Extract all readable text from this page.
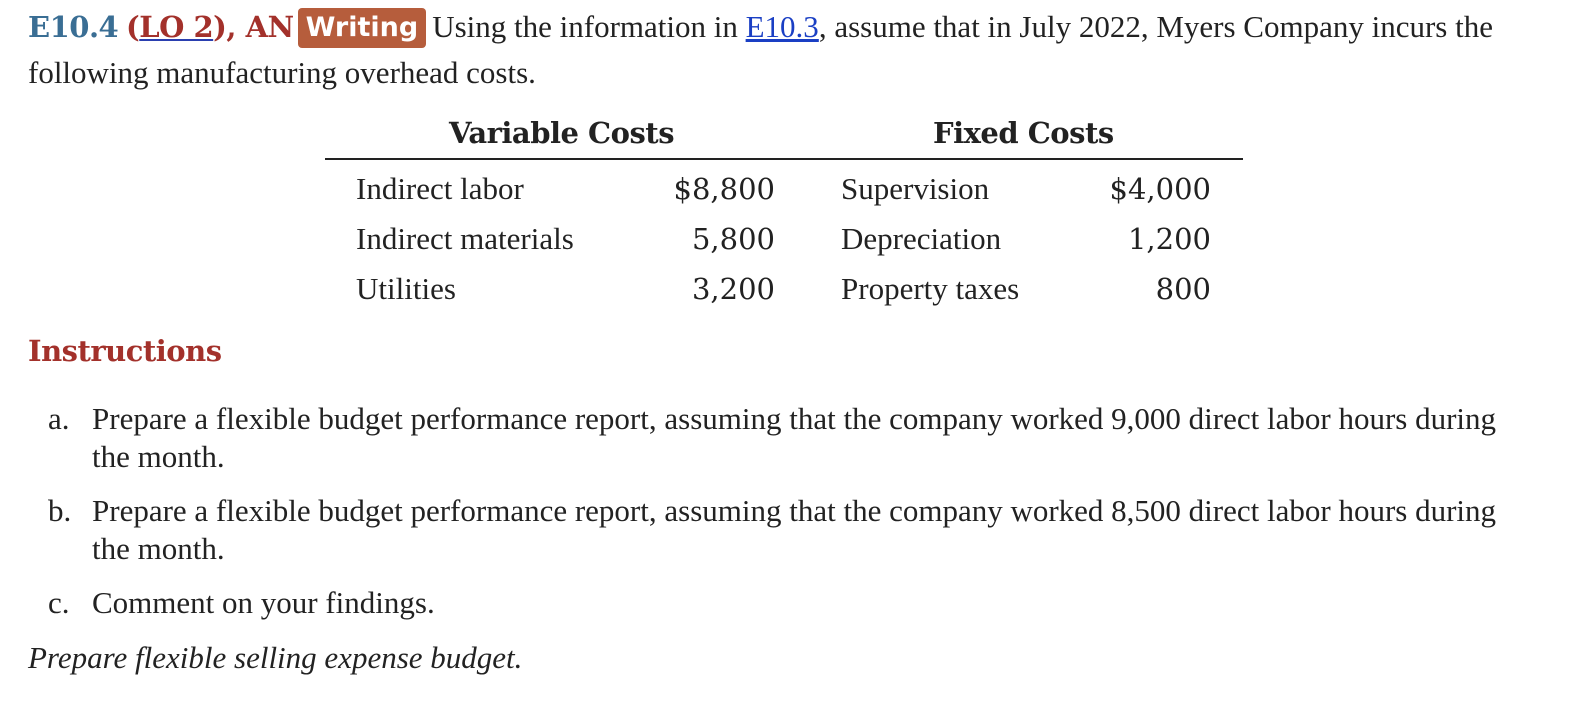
E10.4 (LO 2), AN Writing Using the information in E10.3, assume that in July 2022, Myers Company incurs the following manufacturing overhead costs.
Variable Costs	Fixed Costs
Indirect labor	$8,800 Supervision	$4,000
Indirect materials	5,800 Depreciation	1,200
Utilities	3,200 Property taxes	800
Instructions
a. Prepare a flexible budget performance report, assuming that the company worked 9,000 direct labor hours during the month.
b. Prepare a flexible budget performance report, assuming that the company worked 8,500 direct labor hours during the month.
c. Comment on your findings.
Prepare flexible selling expense budget.
